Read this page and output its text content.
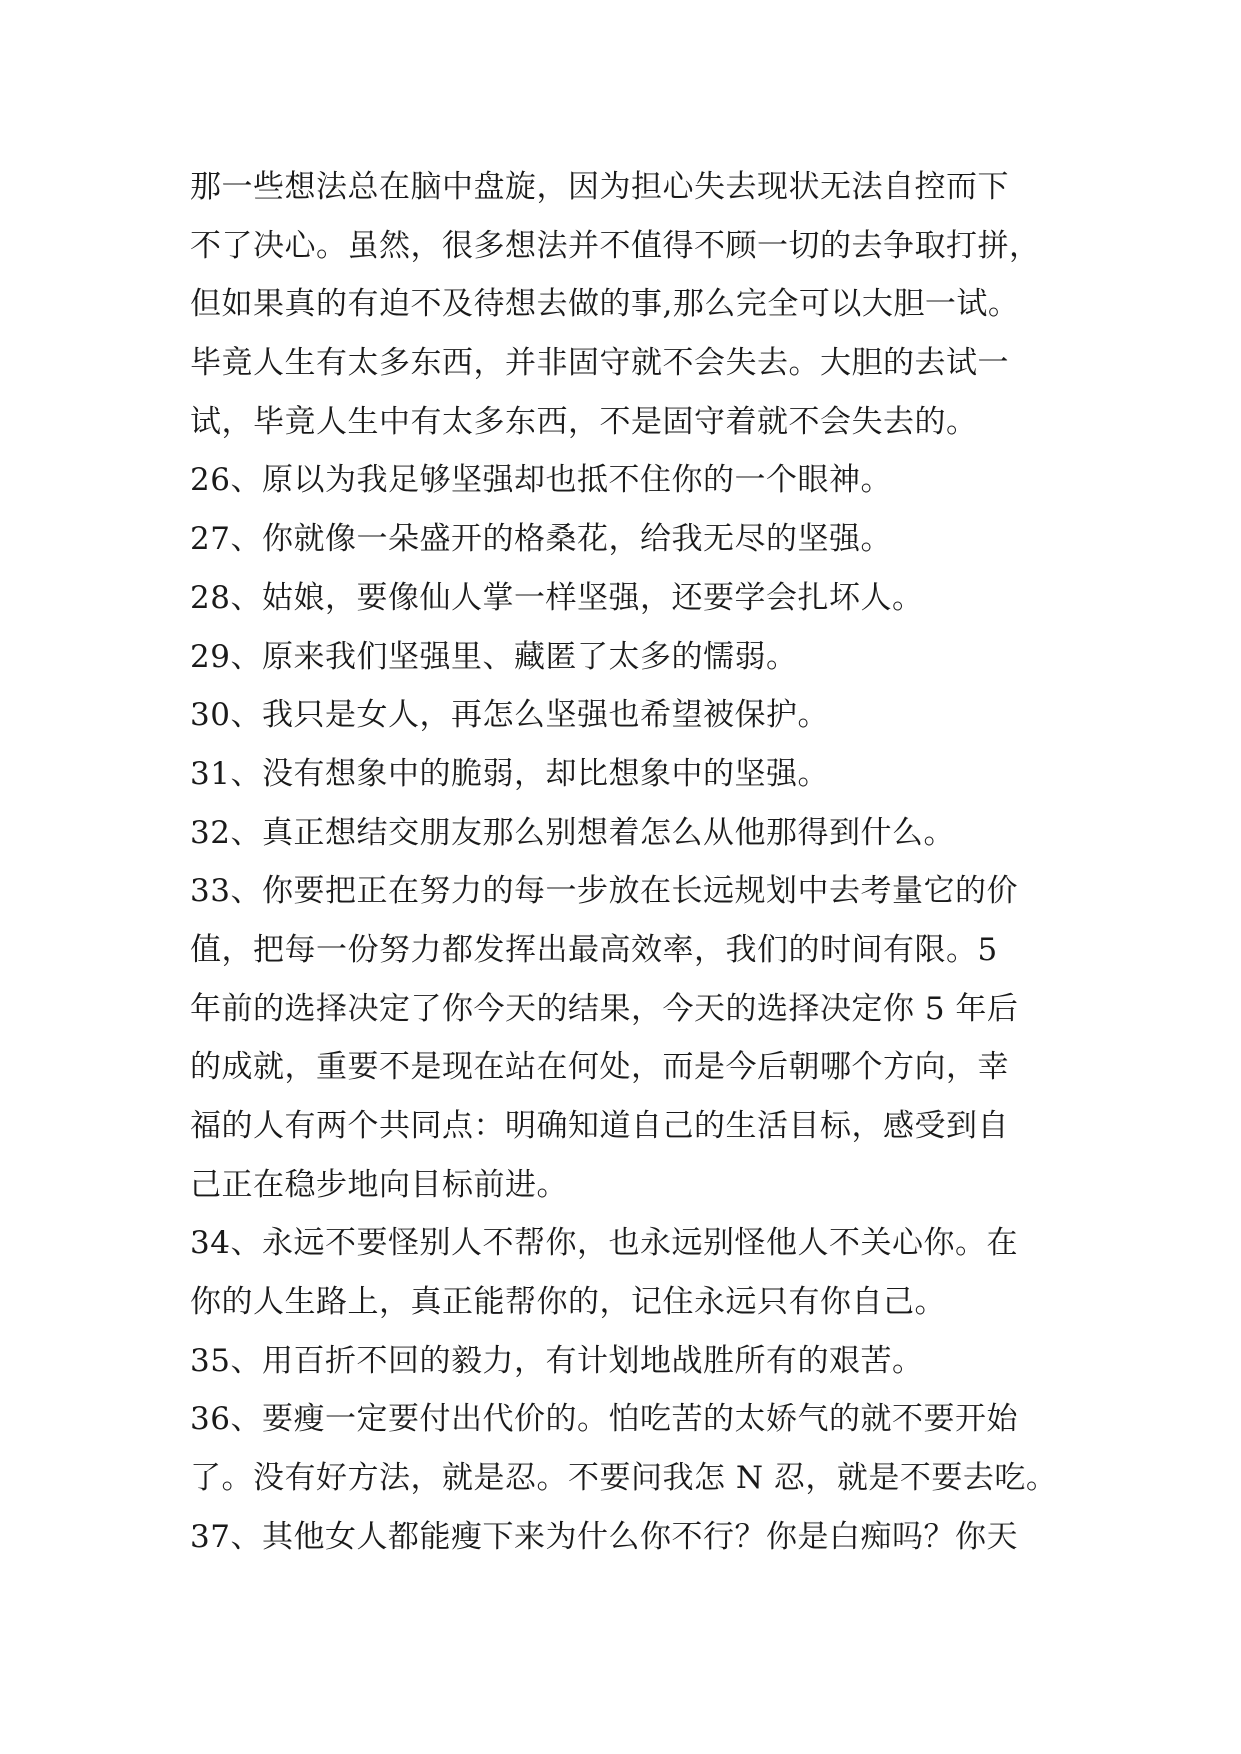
那一些想法总在脑中盘旋，因为担心失去现状无法自控而下
不了决心。虽然，很多想法并不值得不顾一切的去争取打拼，
但如果真的有迫不及待想去做的事,那么完全可以大胆一试。
毕竟人生有太多东西，并非固守就不会失去。大胆的去试一
试，毕竟人生中有太多东西，不是固守着就不会失去的。
26、原以为我足够坚强却也抵不住你的一个眼神。
27、你就像一朵盛开的格桑花，给我无尽的坚强。
28、姑娘，要像仙人掌一样坚强，还要学会扎坏人。
29、原来我们坚强里、藏匿了太多的懦弱。
30、我只是女人，再怎么坚强也希望被保护。
31、没有想象中的脆弱，却比想象中的坚强。
32、真正想结交朋友那么别想着怎么从他那得到什么。
33、你要把正在努力的每一步放在长远规划中去考量它的价
值，把每一份努力都发挥出最高效率，我们的时间有限。5
年前的选择决定了你今天的结果，今天的选择决定你 5 年后
的成就，重要不是现在站在何处，而是今后朝哪个方向，幸
福的人有两个共同点：明确知道自己的生活目标，感受到自
己正在稳步地向目标前进。
34、永远不要怪别人不帮你，也永远别怪他人不关心你。在
你的人生路上，真正能帮你的，记住永远只有你自己。
35、用百折不回的毅力，有计划地战胜所有的艰苦。
36、要瘦一定要付出代价的。怕吃苦的太娇气的就不要开始
了。没有好方法，就是忍。不要问我怎 N 忍，就是不要去吃。
37、其他女人都能瘦下来为什么你不行？你是白痴吗？你天
